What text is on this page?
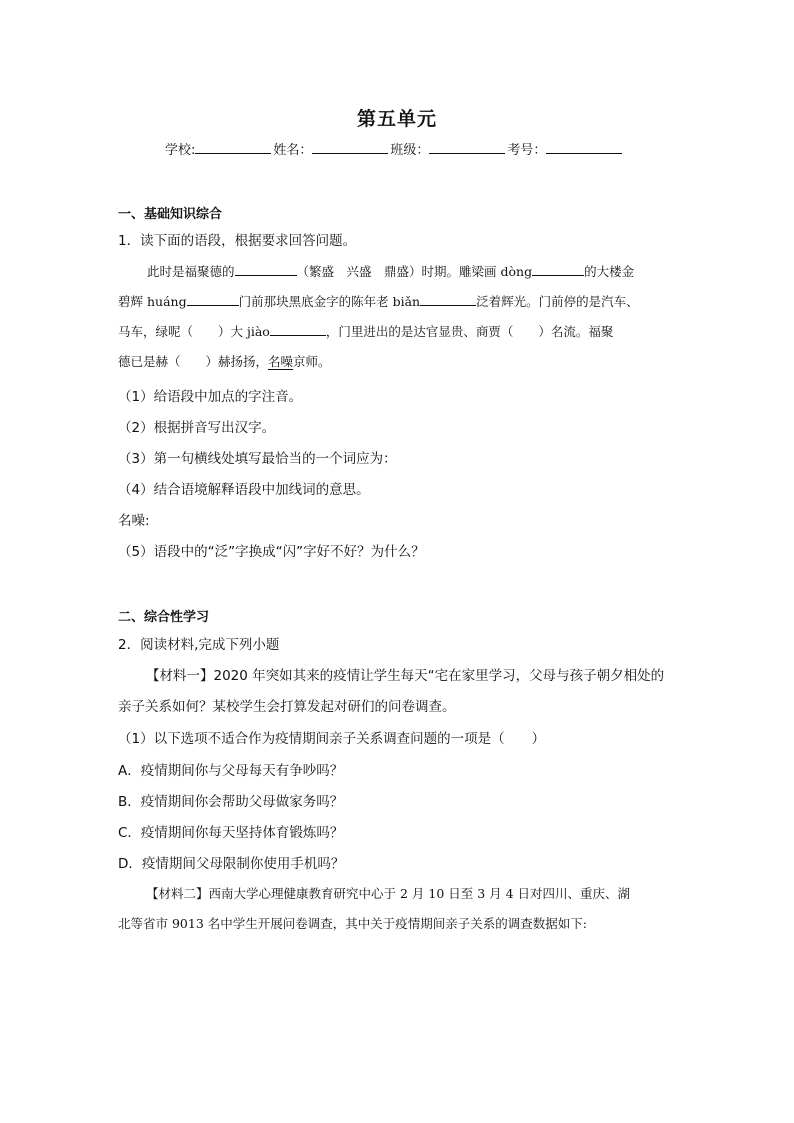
第五单元
学校:	姓名：	班级：	考号：
一、基础知识综合
1．读下面的语段，根据要求回答问题。
此时是福聚德的	（繁盛　兴盛　鼎盛）时期。雕梁画 dòng	的大楼金
碧辉 huáng	门前那块黑底金字的陈年老 biǎn	泛着辉光。门前停的是汽车、
马车，绿呢（　　）大 jiào	，门里进出的是达官显贵、商贾（　　）名流。福聚
德已是赫（　　）赫扬扬，名噪京师。
（1）给语段中加点的字注音。
（2）根据拼音写出汉字。
（3）第一句横线处填写最恰当的一个词应为：
（4）结合语境解释语段中加线词的意思。
名噪:
（5）语段中的“泛”字换成“闪”字好不好？为什么？
二、综合性学习
2．阅读材料,完成下列小题
【材料一】2020 年突如其来的疫情让学生每天“宅在家里学习，父母与孩子朝夕相处的
亲子关系如何？某校学生会打算发起对研们的问卷调查。
（1）以下选项不适合作为疫情期间亲子关系调查问题的一项是（　　）
A．疫情期间你与父母每天有争吵吗？
B．疫情期间你会帮助父母做家务吗？
C．疫情期间你每天坚持体育锻炼吗？
D．疫情期间父母限制你使用手机吗？
【材料二】西南大学心理健康教育研究中心于 2 月 10 日至 3 月 4 日对四川、重庆、湖
北等省市 9013 名中学生开展问卷调查，其中关于疫情期间亲子关系的调查数据如下:
